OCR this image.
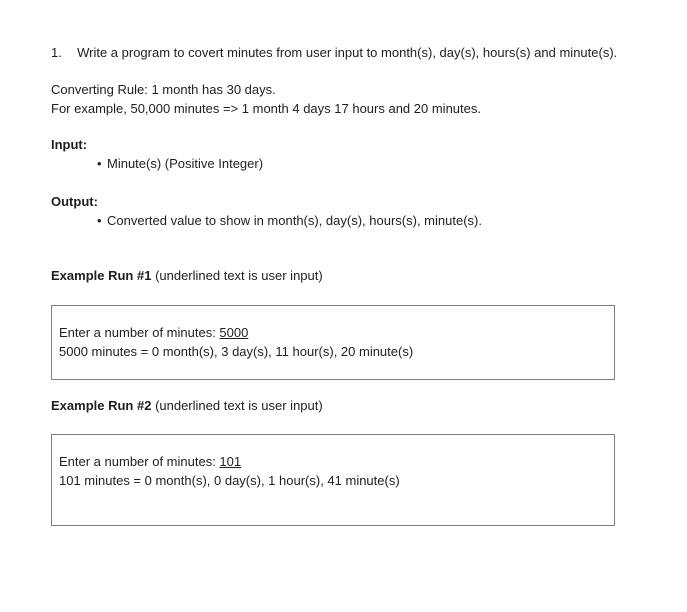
1. Write a program to covert minutes from user input to month(s), day(s), hours(s) and minute(s).
Converting Rule: 1 month has 30 days.
For example, 50,000 minutes => 1 month 4 days 17 hours and 20 minutes.
Input:
• Minute(s) (Positive Integer)
Output:
• Converted value to show in month(s), day(s), hours(s), minute(s).
Example Run #1 (underlined text is user input)
Enter a number of minutes: 5000
5000 minutes = 0 month(s), 3 day(s), 11 hour(s), 20 minute(s)
Example Run #2 (underlined text is user input)
Enter a number of minutes: 101
101 minutes = 0 month(s), 0 day(s), 1 hour(s), 41 minute(s)
